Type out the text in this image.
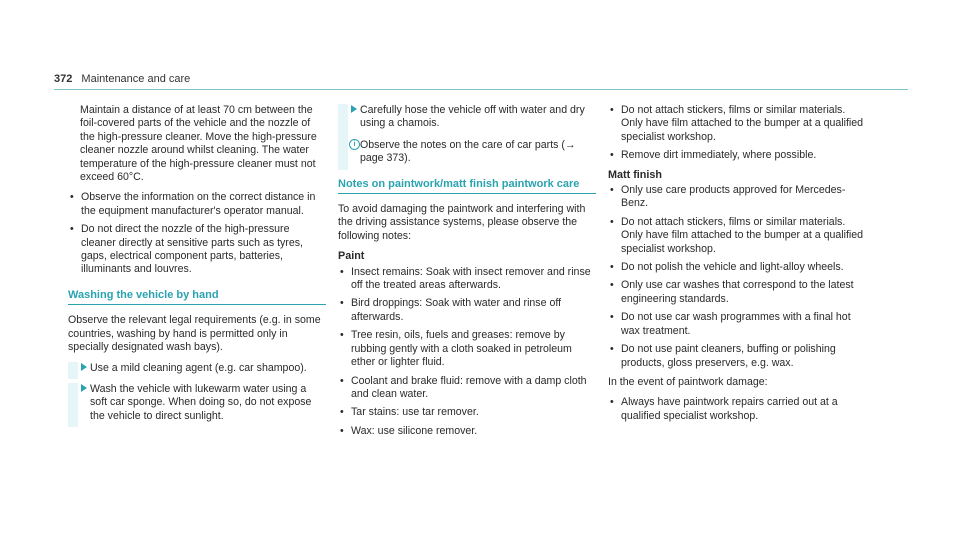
372 Maintenance and care

Maintain a distance of at least 70 cm between the foil-covered parts of the vehicle and the nozzle of the high-pressure cleaner. Move the high-pressure cleaner nozzle around whilst cleaning. The water temperature of the high-pressure cleaner must not exceed 60°C.

• Observe the information on the correct distance in the equipment manufacturer's operator manual.
• Do not direct the nozzle of the high-pressure cleaner directly at sensitive parts such as tyres, gaps, electrical component parts, batteries, illuminants and louvres.
Washing the vehicle by hand

Observe the relevant legal requirements (e.g. in some countries, washing by hand is permitted only in specially designated wash bays).

Use a mild cleaning agent (e.g. car shampoo).
Wash the vehicle with lukewarm water using a soft car sponge. When doing so, do not expose the vehicle to direct sunlight.
Carefully hose the vehicle off with water and dry using a chamois.
i Observe the notes on the care of car parts (→ page 373).
Notes on paintwork/matt finish paintwork care

To avoid damaging the paintwork and interfering with the driving assistance systems, please observe the following notes:

Paint
• Insect remains: Soak with insect remover and rinse off the treated areas afterwards.
• Bird droppings: Soak with water and rinse off afterwards.
• Tree resin, oils, fuels and greases: remove by rubbing gently with a cloth soaked in petroleum ether or lighter fluid.
• Coolant and brake fluid: remove with a damp cloth and clean water.
• Tar stains: use tar remover.
• Wax: use silicone remover.
• Do not attach stickers, films or similar materials. Only have film attached to the bumper at a qualified specialist workshop.
• Remove dirt immediately, where possible.
Matt finish
• Only use care products approved for Mercedes-Benz.
• Do not attach stickers, films or similar materials. Only have film attached to the bumper at a qualified specialist workshop.
• Do not polish the vehicle and light-alloy wheels.
• Only use car washes that correspond to the latest engineering standards.
• Do not use car wash programmes with a final hot wax treatment.
• Do not use paint cleaners, buffing or polishing products, gloss preservers, e.g. wax.

In the event of paintwork damage:

• Always have paintwork repairs carried out at a qualified specialist workshop.
